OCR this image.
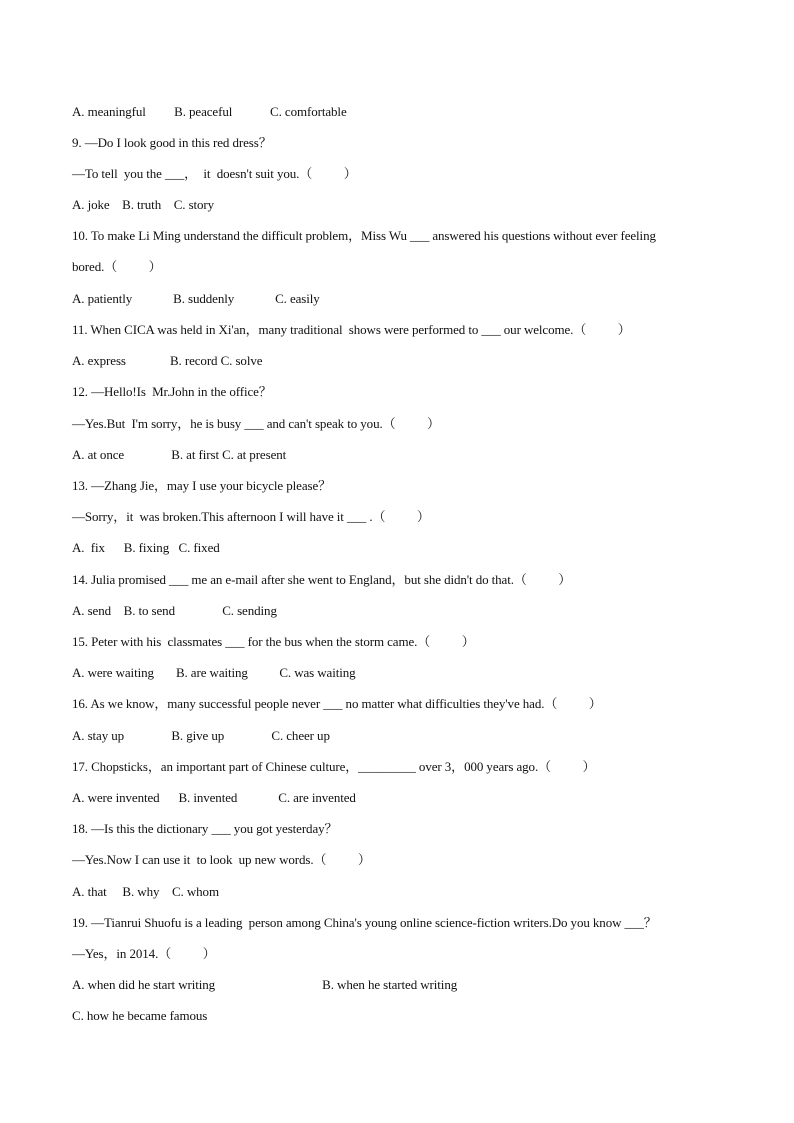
A. meaningful         B. peaceful            C. comfortable
9. —Do I look good in this red dress？
—To tell  you the ___，  it  doesn't suit you.（          ）
A. joke    B. truth    C. story
10. To make Li Ming understand the difficult problem，Miss Wu ___ answered his questions without ever feeling
bored.（          ）
A. patiently             B. suddenly             C. easily
11. When CICA was held in Xi'an，many traditional  shows were performed to ___ our welcome.（          ）
A. express              B. record C. solve
12. —Hello!Is  Mr.John in the office？
—Yes.But  I'm sorry，he is busy ___ and can't speak to you.（          ）
A. at once               B. at first C. at present
13. —Zhang Jie，may I use your bicycle please？
—Sorry，it  was broken.This afternoon I will have it ___ .（          ）
A.  fix      B. fixing   C. fixed
14. Julia promised ___ me an e-mail after she went to England，but she didn't do that.（          ）
A. send    B. to send               C. sending
15. Peter with his  classmates ___ for the bus when the storm came.（          ）
A. were waiting       B. are waiting          C. was waiting
16. As we know，many successful people never ___ no matter what difficulties they've had.（          ）
A. stay up               B. give up               C. cheer up
17. Chopsticks，an important part of Chinese culture，_________ over 3，000 years ago.（          ）
A. were invented      B. invented             C. are invented
18. —Is this the dictionary ___ you got yesterday？
—Yes.Now I can use it  to look  up new words.（          ）
A. that     B. why    C. whom
19. —Tianrui Shuofu is a leading  person among China's young online science-fiction writers.Do you know ___？
—Yes，in 2014.（          ）
A. when did he start writing                                  B. when he started writing
C. how he became famous
